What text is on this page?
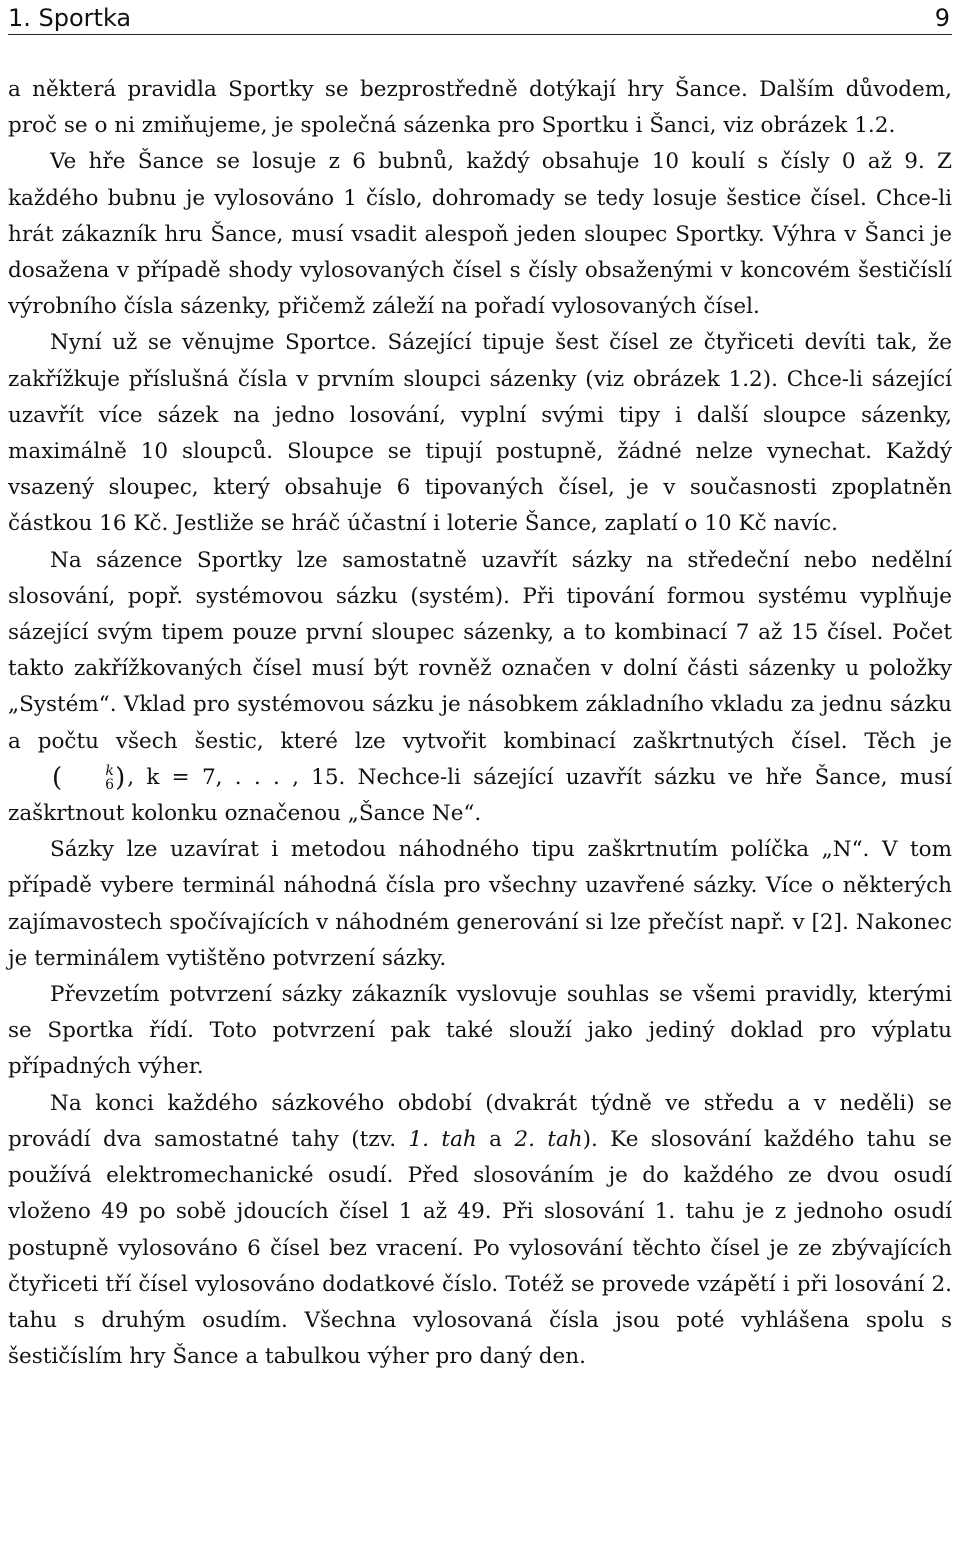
1. Sportka	9

a některá pravidla Sportky se bezprostředně dotýkají hry Šance. Dalším důvodem, proč se o ni zmiňujeme, je společná sázenka pro Sportku i Šanci, viz obrázek 1.2.

Ve hře Šance se losuje z 6 bubnů, každý obsahuje 10 koulí s čísly 0 až 9. Z každého bubnu je vylosováno 1 číslo, dohromady se tedy losuje šestice čísel. Chce-li hrát zákazník hru Šance, musí vsadit alespoň jeden sloupec Sportky. Výhra v Šanci je dosažena v případě shody vylosovaných čísel s čísly obsaženými v koncovém šestičíslí výrobního čísla sázenky, přičemž záleží na pořadí vylosovaných čísel.

Nyní už se věnujme Sportce. Sázející tipuje šest čísel ze čtyřiceti devíti tak, že zakřížkuje příslušná čísla v prvním sloupci sázenky (viz obrázek 1.2). Chce-li sázející uzavřít více sázek na jedno losování, vyplní svými tipy i další sloupce sázenky, maximálně 10 sloupců. Sloupce se tipují postupně, žádné nelze vynechat. Každý vsazený sloupec, který obsahuje 6 tipovaných čísel, je v současnosti zpoplatněn částkou 16 Kč. Jestliže se hráč účastní i loterie Šance, zaplatí o 10 Kč navíc.

Na sázence Sportky lze samostatně uzavřít sázky na středeční nebo nedělní slosování, popř. systémovou sázku (systém). Při tipování formou systému vyplňuje sázející svým tipem pouze první sloupec sázenky, a to kombinací 7 až 15 čísel. Počet takto zakřížkovaných čísel musí být rovněž označen v dolní části sázenky u položky „Systém“. Vklad pro systémovou sázku je násobkem základního vkladu za jednu sázku a počtu všech šestic, které lze vytvořit kombinací zaškrtnutých čísel. Těch je (	k
6 ), k = 7, . . . , 15. Nechce-li sázející uzavřít sázku ve hře Šance, musí zaškrtnout kolonku označenou „Šance Ne“.

Sázky lze uzavírat i metodou náhodného tipu zaškrtnutím políčka „N“. V tom případě vybere terminál náhodná čísla pro všechny uzavřené sázky. Více o některých zajímavostech spočívajících v náhodném generování si lze přečíst např. v [2]. Nakonec je terminálem vytištěno potvrzení sázky.

Převzetím potvrzení sázky zákazník vyslovuje souhlas se všemi pravidly, kterými se Sportka řídí. Toto potvrzení pak také slouží jako jediný doklad pro výplatu případných výher.

Na konci každého sázkového období (dvakrát týdně ve středu a v neděli) se provádí dva samostatné tahy (tzv. 1. tah a 2. tah). Ke slosování každého tahu se používá elektromechanické osudí. Před slosováním je do každého ze dvou osudí vloženo 49 po sobě jdoucích čísel 1 až 49. Při slosování 1. tahu je z jednoho osudí postupně vylosováno 6 čísel bez vracení. Po vylosování těchto čísel je ze zbývajících čtyřiceti tří čísel vylosováno dodatkové číslo. Totéž se provede vzápětí i při losování 2. tahu s druhým osudím. Všechna vylosovaná čísla jsou poté vyhlášena spolu s šestičíslím hry Šance a tabulkou výher pro daný den.
